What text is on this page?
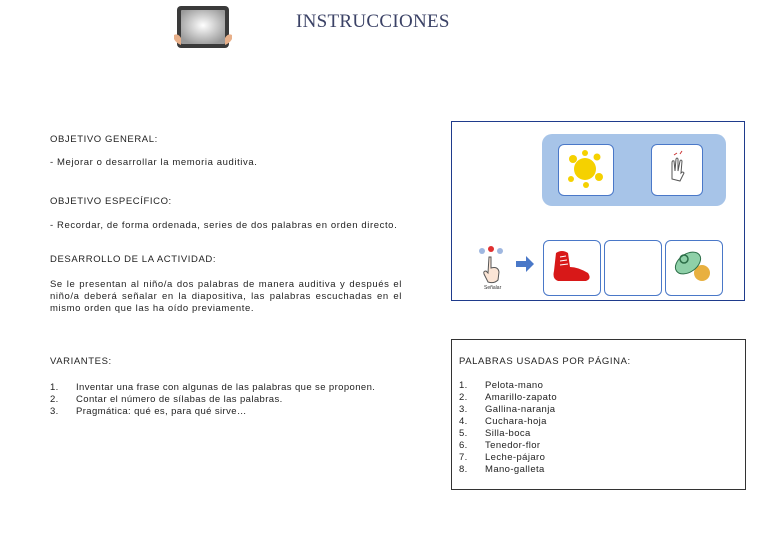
INSTRUCCIONES
OBJETIVO GENERAL:
- Mejorar o desarrollar la memoria auditiva.
OBJETIVO ESPECÍFICO:
- Recordar, de forma ordenada, series de dos palabras en orden directo.
DESARROLLO DE LA ACTIVIDAD:
Se le presentan al niño/a dos palabras de manera auditiva y después el niño/a deberá señalar en la diapositiva, las palabras escuchadas en el mismo orden que las ha oído previamente.
VARIANTES:
1.	Inventar una frase con algunas de las palabras que se proponen.
2.	Contar el número de sílabas de las palabras.
3.	Pragmática: qué es, para qué sirve…
Señalar
PALABRAS USADAS POR PÁGINA:
1.	Pelota-mano
2.	Amarillo-zapato
3.	Gallina-naranja
4.	Cuchara-hoja
5.	Silla-boca
6.	Tenedor-flor
7.	Leche-pájaro
8.	Mano-galleta
